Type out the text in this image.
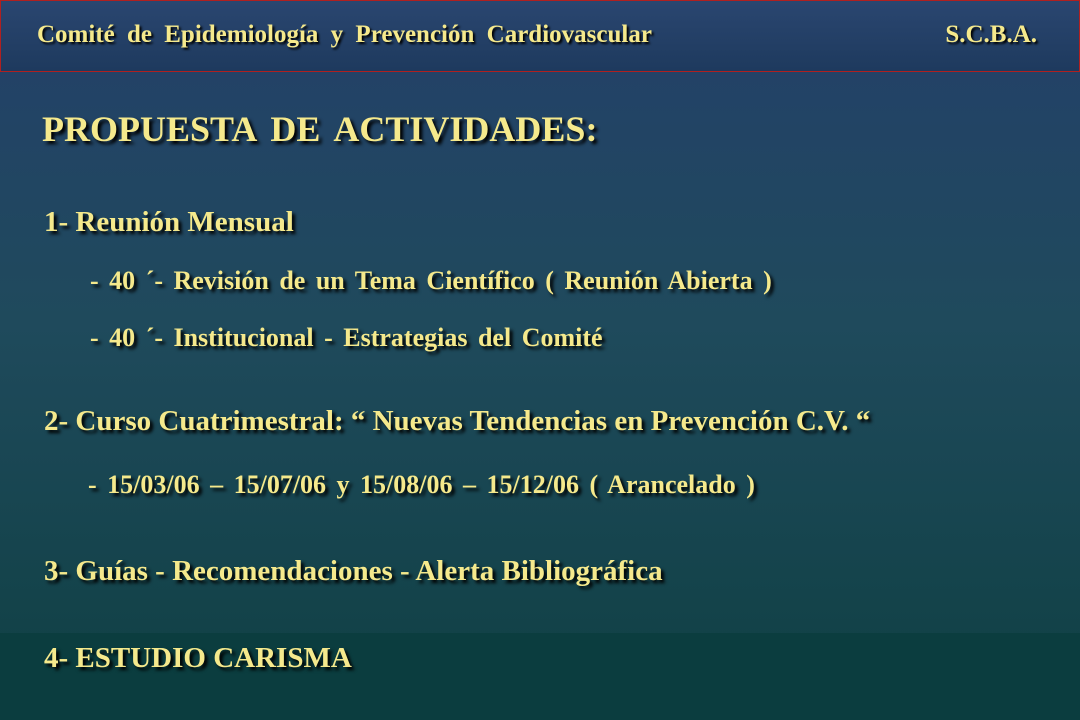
Comité de Epidemiología y Prevención Cardiovascular	S.C.B.A.
PROPUESTA DE ACTIVIDADES:
1- Reunión Mensual
- 40 ´- Revisión de un Tema Científico ( Reunión Abierta )
- 40 ´- Institucional - Estrategias del Comité
2- Curso Cuatrimestral: “ Nuevas Tendencias en Prevención C.V. “
- 15/03/06 – 15/07/06 y 15/08/06 – 15/12/06 ( Arancelado )
3- Guías - Recomendaciones - Alerta Bibliográfica
4- ESTUDIO CARISMA
